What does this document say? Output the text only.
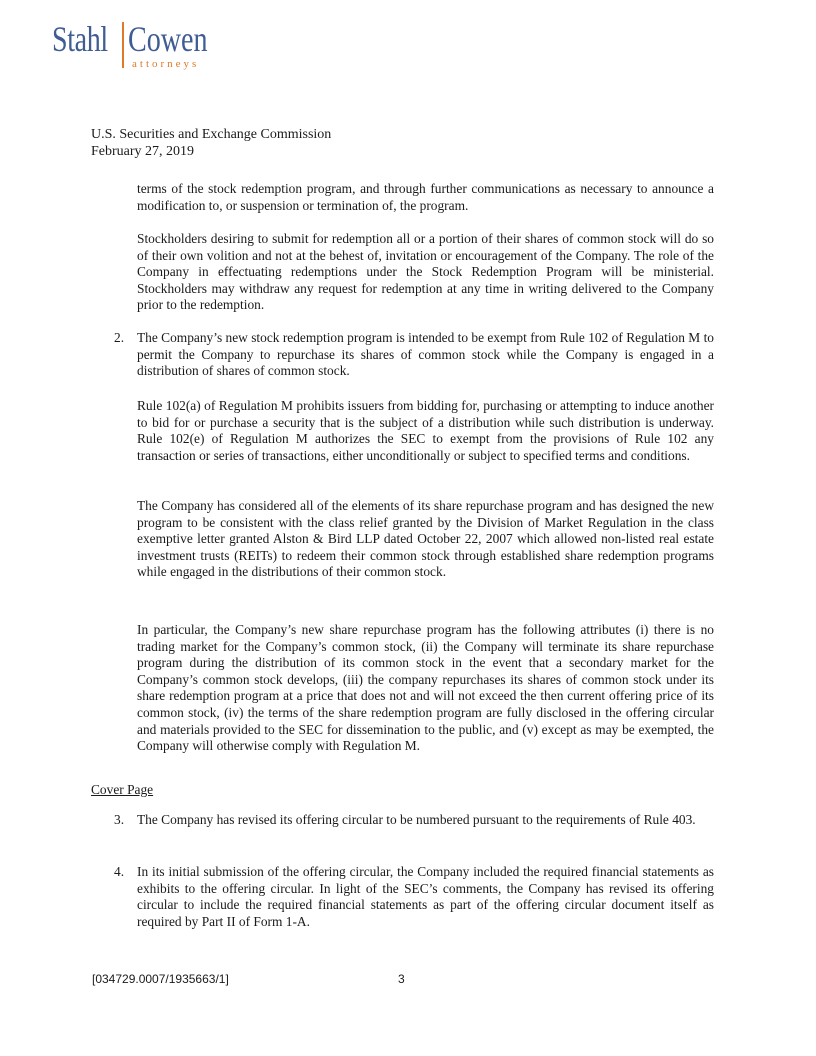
Stahl Cowen
attorneys
U.S. Securities and Exchange Commission
February 27, 2019
terms of the stock redemption program, and through further communications as necessary to announce a modification to, or suspension or termination of, the program.
Stockholders desiring to submit for redemption all or a portion of their shares of common stock will do so of their own volition and not at the behest of, invitation or encouragement of the Company. The role of the Company in effectuating redemptions under the Stock Redemption Program will be ministerial. Stockholders may withdraw any request for redemption at any time in writing delivered to the Company prior to the redemption.
2. The Company’s new stock redemption program is intended to be exempt from Rule 102 of Regulation M to permit the Company to repurchase its shares of common stock while the Company is engaged in a distribution of shares of common stock.
Rule 102(a) of Regulation M prohibits issuers from bidding for, purchasing or attempting to induce another to bid for or purchase a security that is the subject of a distribution while such distribution is underway. Rule 102(e) of Regulation M authorizes the SEC to exempt from the provisions of Rule 102 any transaction or series of transactions, either unconditionally or subject to specified terms and conditions.
The Company has considered all of the elements of its share repurchase program and has designed the new program to be consistent with the class relief granted by the Division of Market Regulation in the class exemptive letter granted Alston & Bird LLP dated October 22, 2007 which allowed non-listed real estate investment trusts (REITs) to redeem their common stock through established share redemption programs while engaged in the distributions of their common stock.
In particular, the Company’s new share repurchase program has the following attributes (i) there is no trading market for the Company’s common stock, (ii) the Company will terminate its share repurchase program during the distribution of its common stock in the event that a secondary market for the Company’s common stock develops, (iii) the company repurchases its shares of common stock under its share redemption program at a price that does not and will not exceed the then current offering price of its common stock, (iv) the terms of the share redemption program are fully disclosed in the offering circular and materials provided to the SEC for dissemination to the public, and (v) except as may be exempted, the Company will otherwise comply with Regulation M.
Cover Page
3. The Company has revised its offering circular to be numbered pursuant to the requirements of Rule 403.
4. In its initial submission of the offering circular, the Company included the required financial statements as exhibits to the offering circular. In light of the SEC’s comments, the Company has revised its offering circular to include the required financial statements as part of the offering circular document itself as required by Part II of Form 1-A.
[034729.0007/1935663/1]	3
